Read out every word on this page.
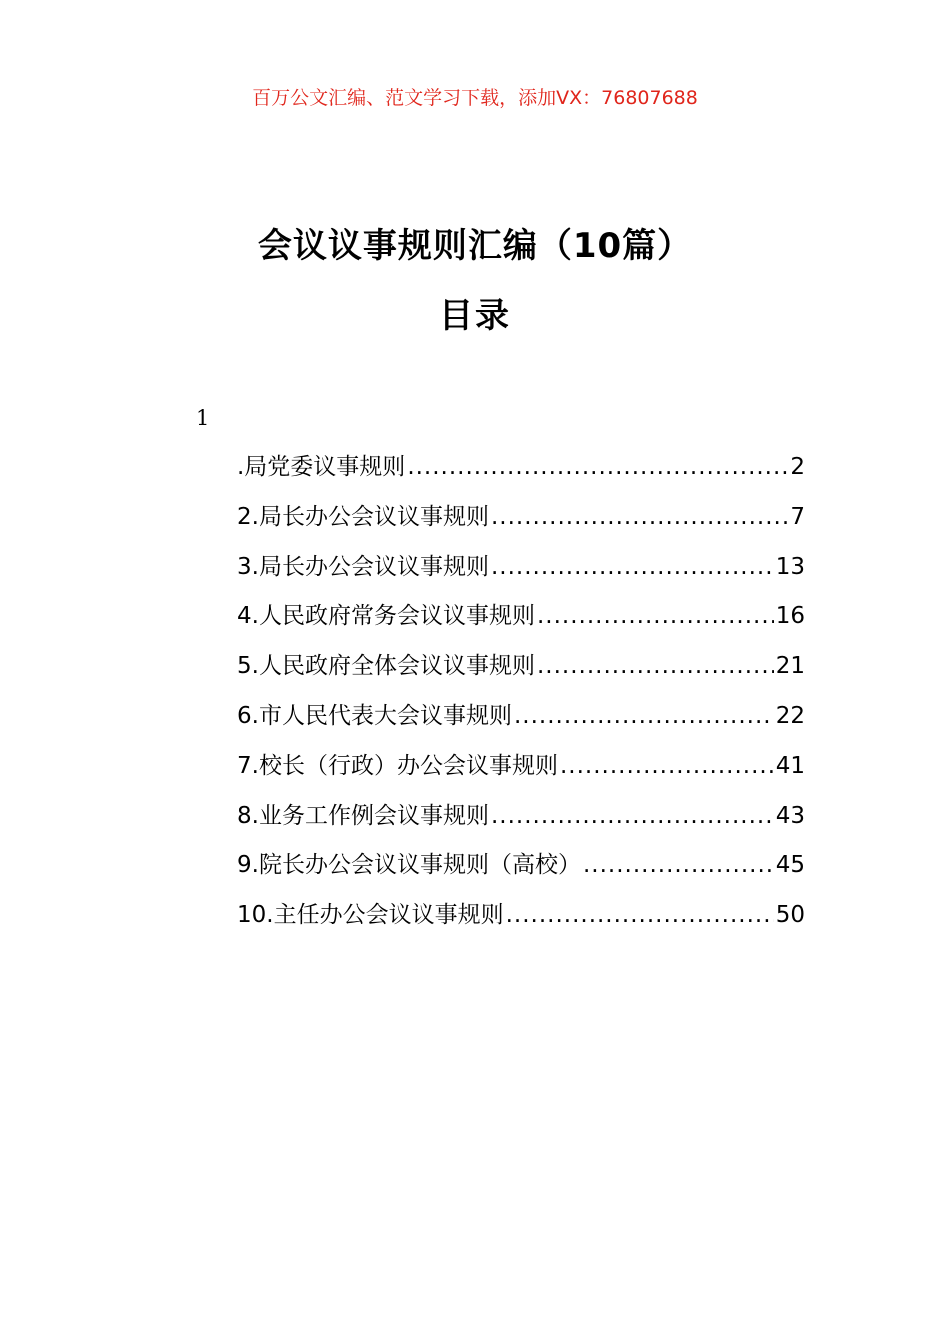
百万公文汇编、范文学习下载，添加VX：76807688
会议议事规则汇编（10篇）
目录
1
.局党委议事规则 .....	2
2.局长办公会议议事规则 .....	7
3.局长办公会议议事规则 .....	13
4.人民政府常务会议议事规则 .....	16
5.人民政府全体会议议事规则 .....	21
6.市人民代表大会议事规则 .....	22
7.校长（行政）办公会议事规则 .....	41
8.业务工作例会议事规则 .....	43
9.院长办公会议议事规则（高校） .....	45
10.主任办公会议议事规则 .....	50
